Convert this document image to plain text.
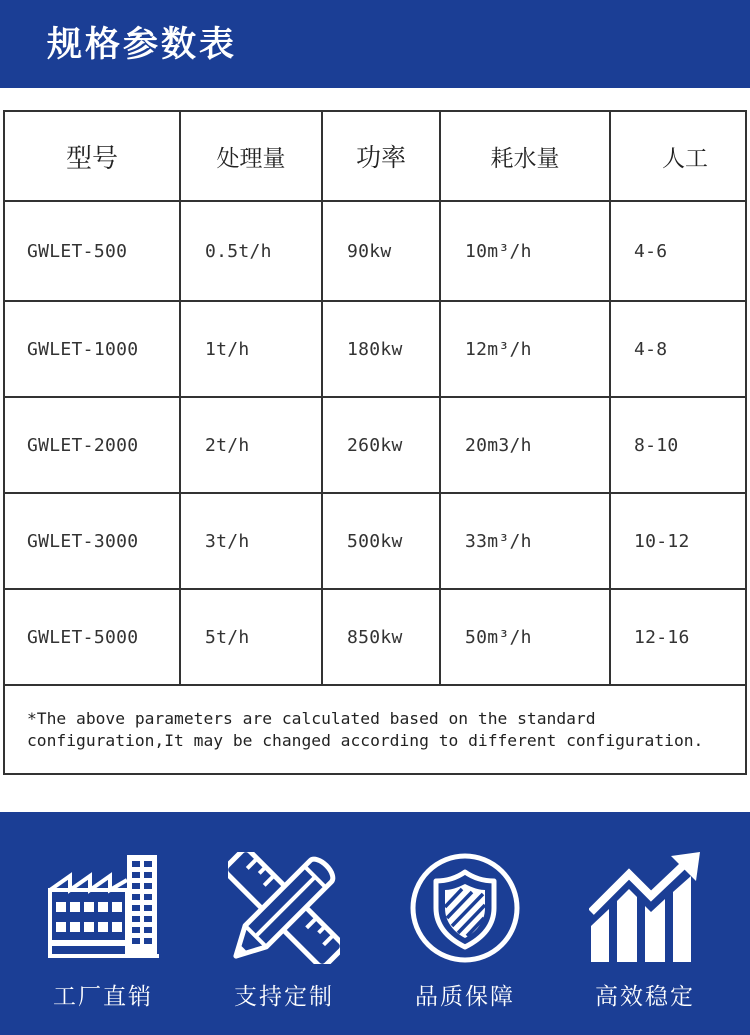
规格参数表
型号	处理量	功率	耗水量	人工
GWLET-500	0.5t/h	90kw	10m³/h	4-6
GWLET-1000	1t/h	180kw	12m³/h	4-8
GWLET-2000	2t/h	260kw	20m3/h	8-10
GWLET-3000	3t/h	500kw	33m³/h	10-12
GWLET-5000	5t/h	850kw	50m³/h	12-16
*The above parameters are calculated based on the standard
configuration,It may be changed according to different configuration.
工厂直销	支持定制	品质保障	高效稳定
